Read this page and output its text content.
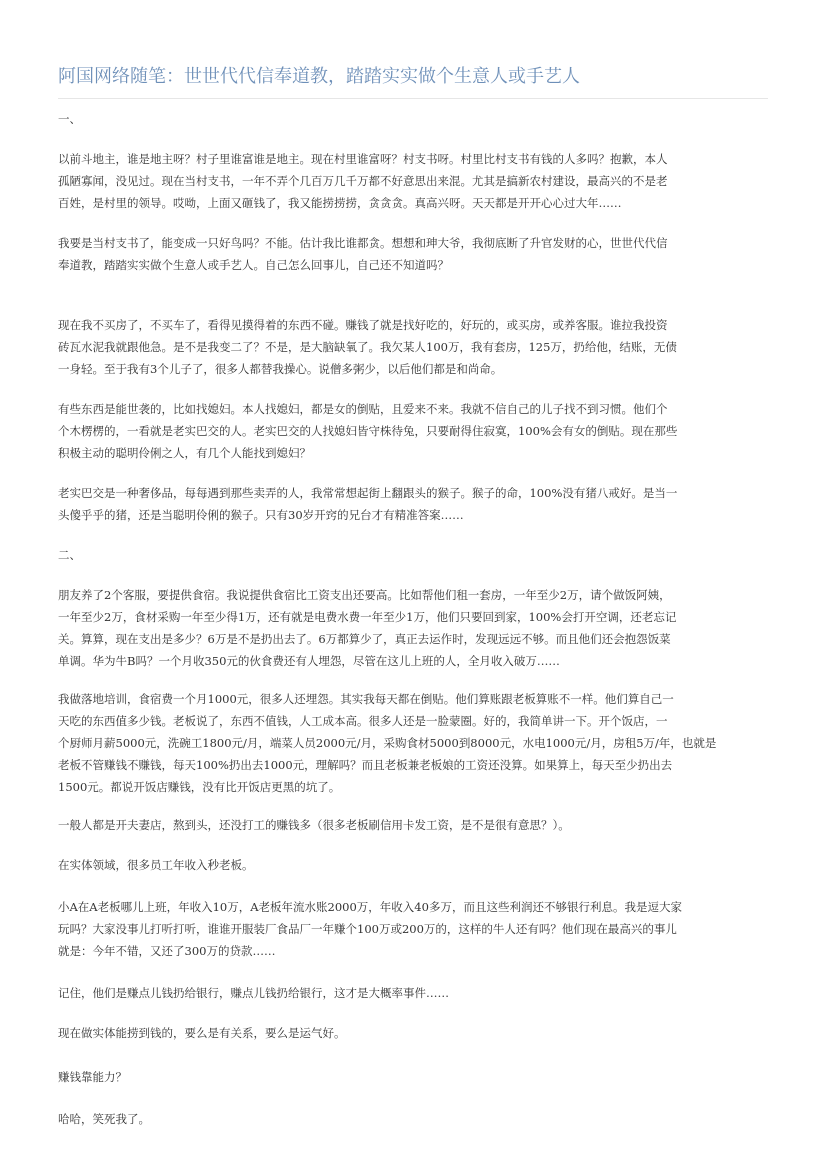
阿国网络随笔：世世代代信奉道教，踏踏实实做个生意人或手艺人
一、
以前斗地主，谁是地主呀？村子里谁富谁是地主。现在村里谁富呀？村支书呀。村里比村支书有钱的人多吗？抱歉，本人
孤陋寡闻，没见过。现在当村支书，一年不弄个几百万几千万都不好意思出来混。尤其是搞新农村建设，最高兴的不是老
百姓，是村里的领导。哎呦，上面又砸钱了，我又能捞捞捞，贪贪贪。真高兴呀。天天都是开开心心过大年……
我要是当村支书了，能变成一只好鸟吗？不能。估计我比谁都贪。想想和珅大爷，我彻底断了升官发财的心，世世代代信
奉道教，踏踏实实做个生意人或手艺人。自己怎么回事儿，自己还不知道吗？
现在我不买房了，不买车了，看得见摸得着的东西不碰。赚钱了就是找好吃的，好玩的，或买房，或养客服。谁拉我投资
砖瓦水泥我就跟他急。是不是我变二了？不是，是大脑缺氧了。我欠某人100万，我有套房，125万，扔给他，结账，无债
一身轻。至于我有3个儿子了，很多人都替我操心。说僧多粥少，以后他们都是和尚命。
有些东西是能世袭的，比如找媳妇。本人找媳妇，都是女的倒贴，且爱来不来。我就不信自己的儿子找不到习惯。他们个
个木楞楞的，一看就是老实巴交的人。老实巴交的人找媳妇皆守株待兔，只要耐得住寂寞，100%会有女的倒贴。现在那些
积极主动的聪明伶俐之人，有几个人能找到媳妇？
老实巴交是一种奢侈品，每每遇到那些卖弄的人，我常常想起街上翻跟头的猴子。猴子的命，100%没有猪八戒好。是当一
头傻乎乎的猪，还是当聪明伶俐的猴子。只有30岁开窍的兄台才有精准答案……
二、
朋友养了2个客服，要提供食宿。我说提供食宿比工资支出还要高。比如帮他们租一套房，一年至少2万，请个做饭阿姨，
一年至少2万，食材采购一年至少得1万，还有就是电费水费一年至少1万，他们只要回到家，100%会打开空调，还老忘记
关。算算，现在支出是多少？6万是不是扔出去了。6万都算少了，真正去运作时，发现远远不够。而且他们还会抱怨饭菜
单调。华为牛B吗？一个月收350元的伙食费还有人埋怨，尽管在这儿上班的人，全月收入破万……
我做落地培训，食宿费一个月1000元，很多人还埋怨。其实我每天都在倒贴。他们算账跟老板算账不一样。他们算自己一
天吃的东西值多少钱。老板说了，东西不值钱，人工成本高。很多人还是一脸蒙圈。好的，我简单讲一下。开个饭店，一
个厨师月薪5000元，洗碗工1800元/月，端菜人员2000元/月，采购食材5000到8000元，水电1000元/月，房租5万/年，也就是
老板不管赚钱不赚钱，每天100%扔出去1000元，理解吗？而且老板兼老板娘的工资还没算。如果算上，每天至少扔出去
1500元。都说开饭店赚钱，没有比开饭店更黑的坑了。
一般人都是开夫妻店，熬到头，还没打工的赚钱多（很多老板刷信用卡发工资，是不是很有意思？）。
在实体领域，很多员工年收入秒老板。
小A在A老板哪儿上班，年收入10万，A老板年流水账2000万，年收入40多万，而且这些利润还不够银行利息。我是逗大家
玩吗？大家没事儿打听打听，谁谁开服装厂食品厂一年赚个100万或200万的，这样的牛人还有吗？他们现在最高兴的事儿
就是：今年不错，又还了300万的贷款……
记住，他们是赚点儿钱扔给银行，赚点儿钱扔给银行，这才是大概率事件……
现在做实体能捞到钱的，要么是有关系，要么是运气好。
赚钱靠能力？
哈哈，笑死我了。
